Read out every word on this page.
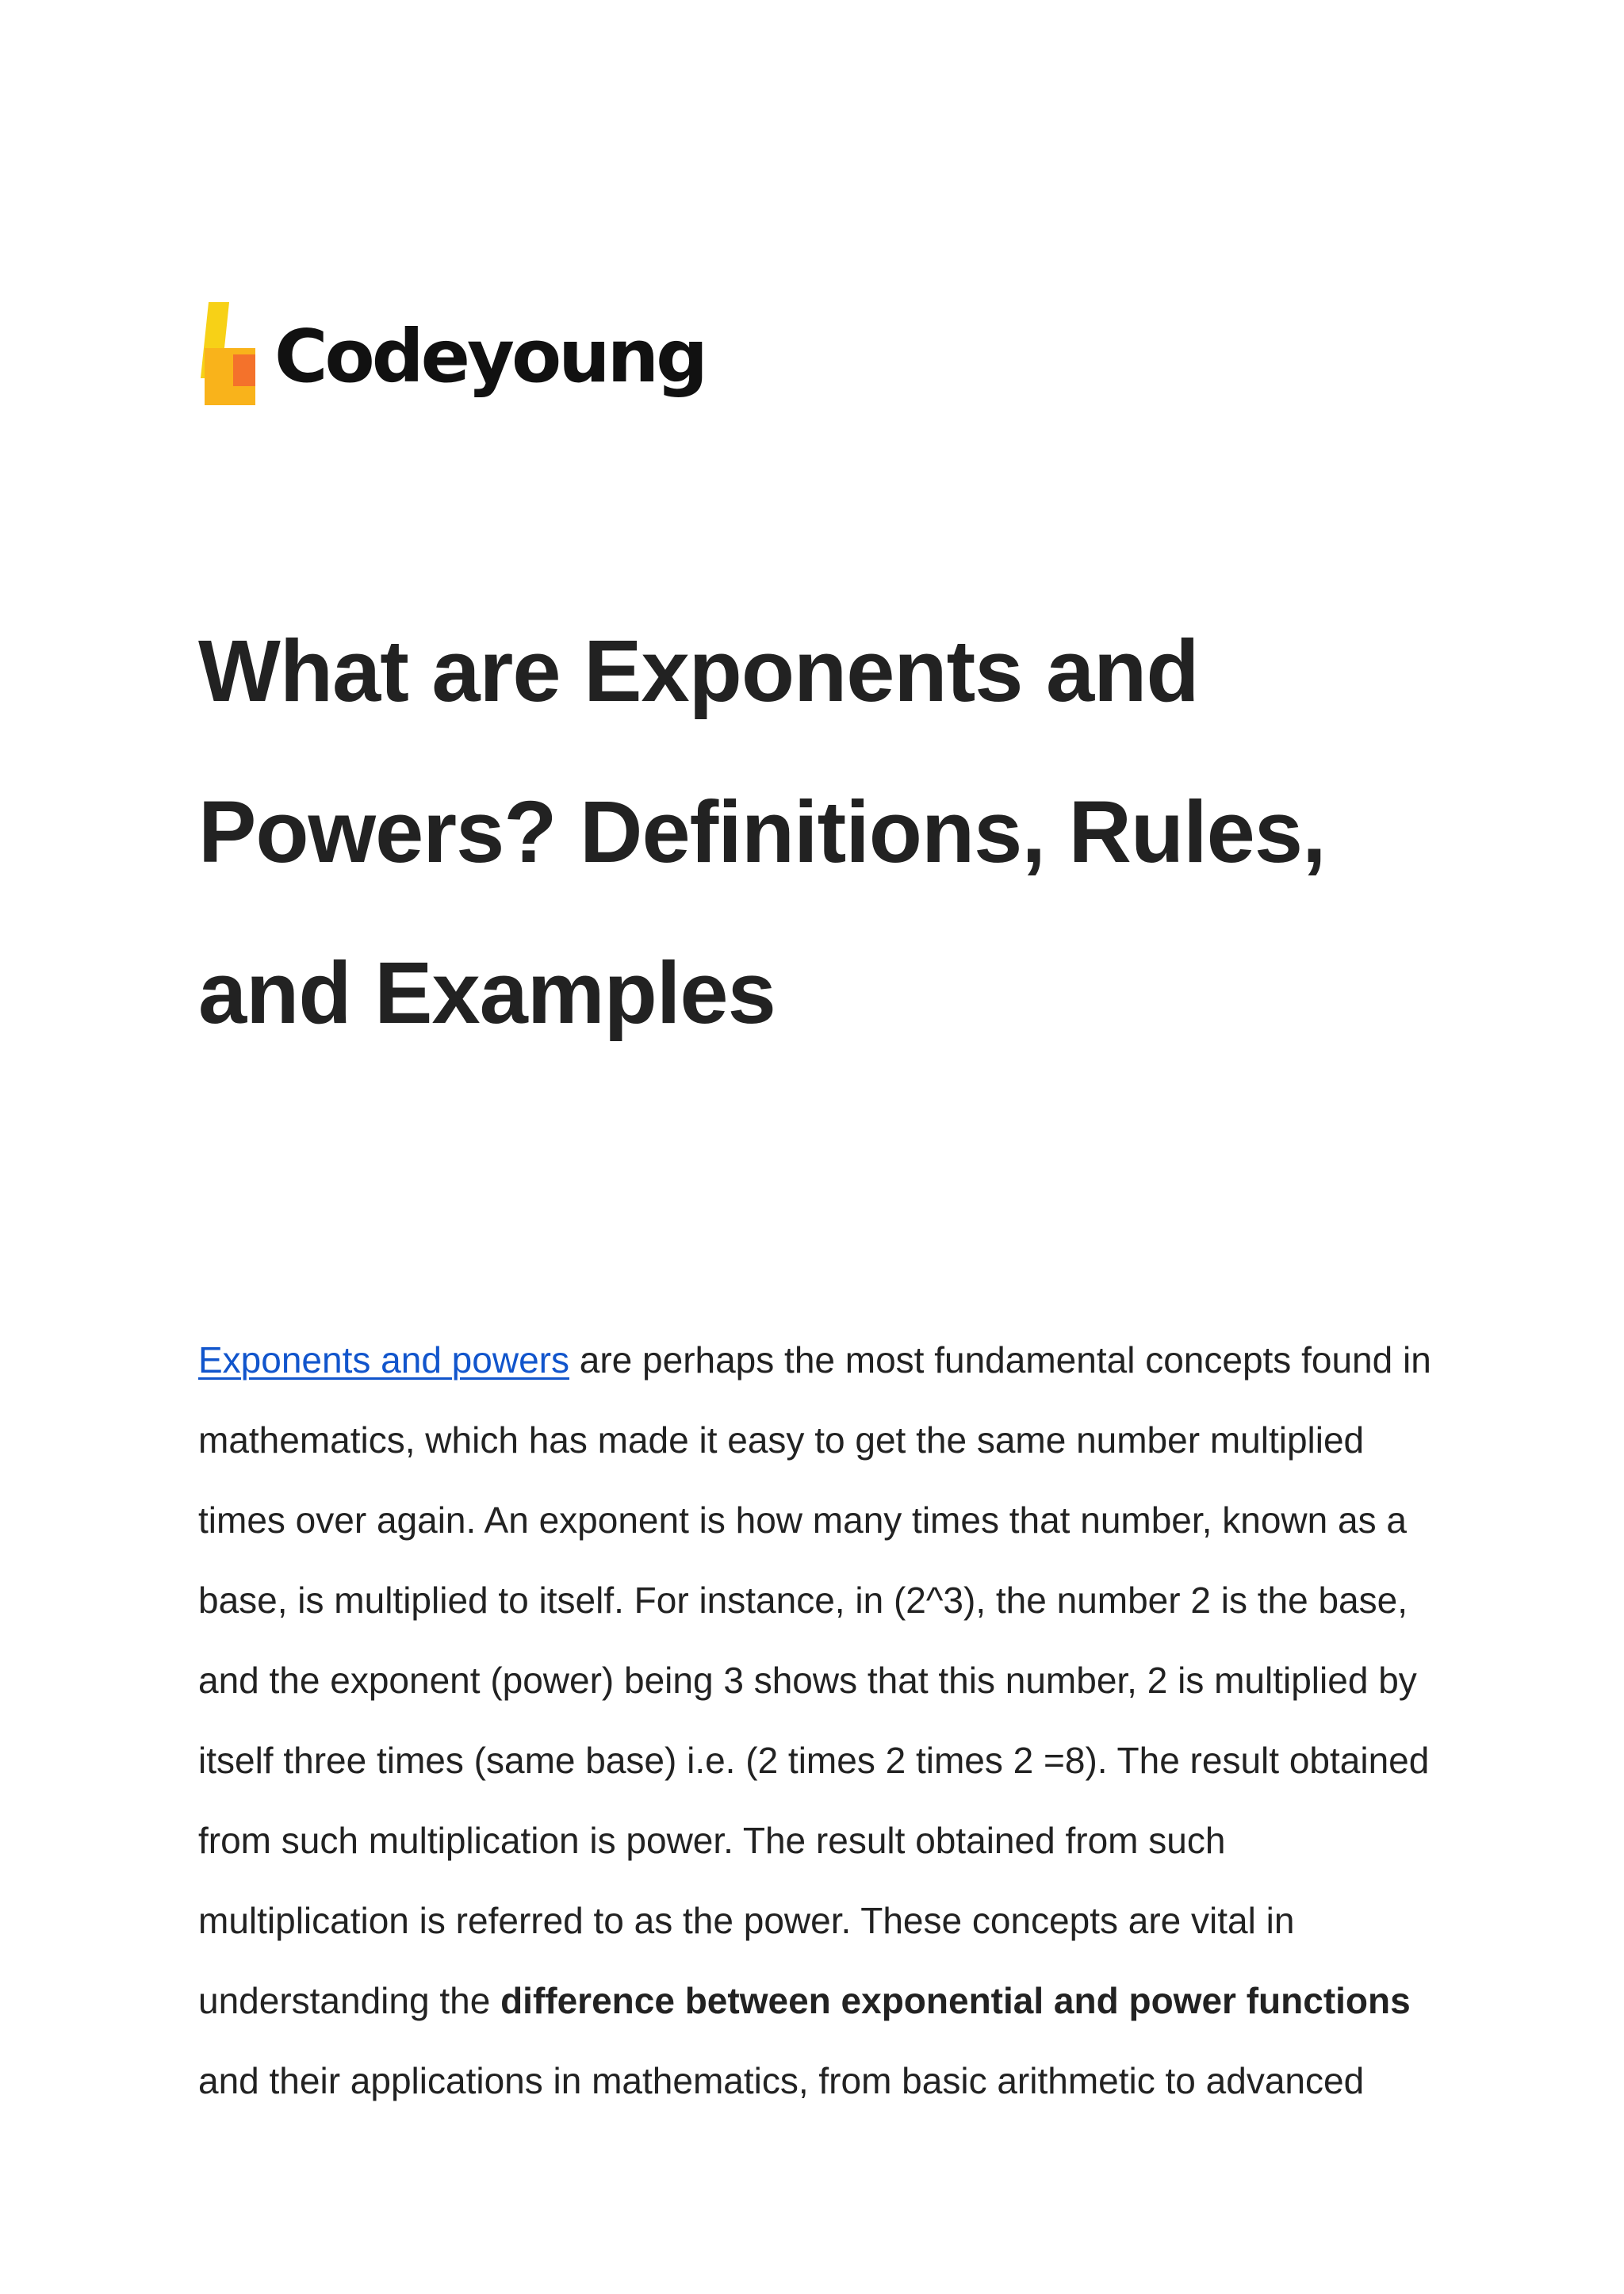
Codeyoung
What are Exponents and Powers? Definitions, Rules, and Examples

Exponents and powers are perhaps the most fundamental concepts found in mathematics, which has made it easy to get the same number multiplied times over again. An exponent is how many times that number, known as a base, is multiplied to itself. For instance, in (2^3), the number 2 is the base, and the exponent (power) being 3 shows that this number, 2 is multiplied by itself three times (same base) i.e. (2 times 2 times 2 =8). The result obtained from such multiplication is power. The result obtained from such multiplication is referred to as the power. These concepts are vital in understanding the difference between exponential and power functions and their applications in mathematics, from basic arithmetic to advanced
